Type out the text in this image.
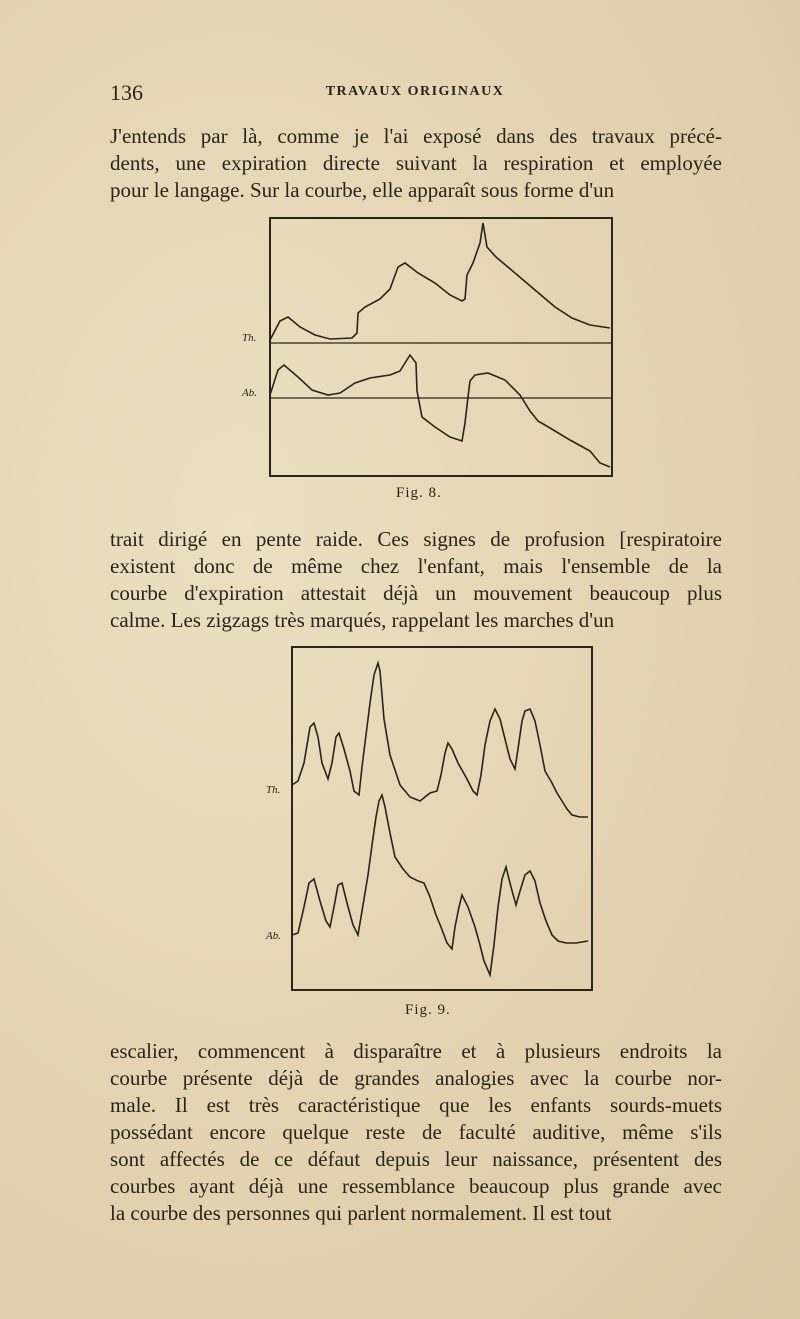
136	TRAVAUX ORIGINAUX

J'entends par là, comme je l'ai exposé dans des travaux précé-
dents, une expiration directe suivant la respiration et employée
pour le langage. Sur la courbe, elle apparaît sous forme d'un

Th.
Ab.
Fig. 8.

trait dirigé en pente raide. Ces signes de profusion [respiratoire
existent donc de même chez l'enfant, mais l'ensemble de la
courbe d'expiration attestait déjà un mouvement beaucoup plus
calme. Les zigzags très marqués, rappelant les marches d'un

Th.
Ab.
Fig. 9.

escalier, commencent à disparaître et à plusieurs endroits la
courbe présente déjà de grandes analogies avec la courbe nor-
male. Il est très caractéristique que les enfants sourds-muets
possédant encore quelque reste de faculté auditive, même s'ils
sont affectés de ce défaut depuis leur naissance, présentent des
courbes ayant déjà une ressemblance beaucoup plus grande avec
la courbe des personnes qui parlent normalement. Il est tout
